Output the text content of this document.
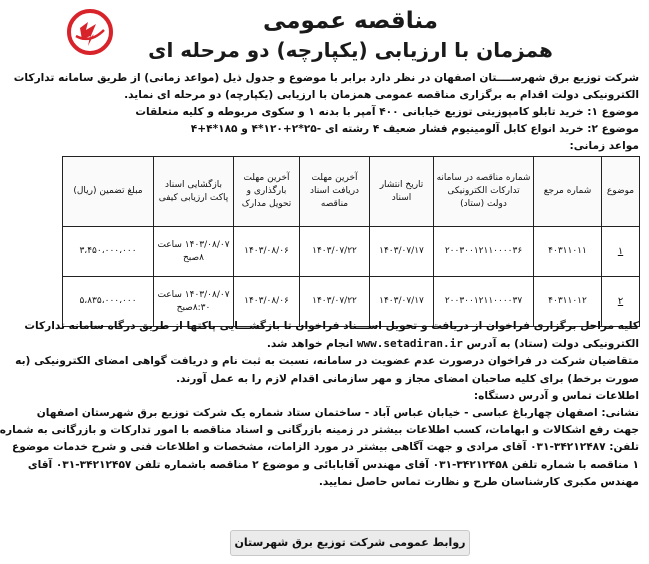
مناقصه عمومی
همزمان با ارزیابی (یکپارچه) دو مرحله ای

شرکت توزیع برق شهرســــتان اصفهان در نظر دارد برابر با موضوع و جدول ذیل (مواعد زمانی) از طریق سامانه تدارکات

الکترونیکی دولت اقدام به برگزاری مناقصه عمومی همزمان با ارزیابی (یکپارچه) دو مرحله ای نماید.

موضوع ۱: خرید تابلو کامپوزیتی توزیع خیابانی ۴۰۰ آمپر با بدنه ۱ و سکوی مربوطه و کلیه متعلقات

موضوع ۲: خرید انواع کابل آلومینیوم فشار ضعیف ۴ رشته ای -۲۵*۲+۱۲۰*۴ و ۱۸۵*۴+۴

مواعد زمانی:

موضوع	شماره مرجع	شماره مناقصه در سامانه تدارکات الکترونیکی دولت (ستاد)	تاریخ انتشار اسناد	آخرین مهلت دریافت اسناد مناقصه	آخرین مهلت بارگذاری و تحویل مدارک	بازگشایی اسناد پاکت ارزیابی کیفی	مبلغ تضمین (ریال)
۱	۴۰۳۱۱۰۱۱	۲۰۰۳۰۰۱۲۱۱۰۰۰۰۳۶	۱۴۰۳/۰۷/۱۷	۱۴۰۳/۰۷/۲۲	۱۴۰۳/۰۸/۰۶	۱۴۰۳/۰۸/۰۷ ساعت ۸صبح	۳،۴۵۰،۰۰۰،۰۰۰
۲	۴۰۳۱۱۰۱۲	۲۰۰۳۰۰۱۲۱۱۰۰۰۰۳۷	۱۴۰۳/۰۷/۱۷	۱۴۰۳/۰۷/۲۲	۱۴۰۳/۰۸/۰۶	۱۴۰۳/۰۸/۰۷ ساعت ۸:۳۰صبح	۵،۸۳۵،۰۰۰،۰۰۰

کلیه مراحل برگزاری فراخوان از دریافت و تحویل اســـناد فراخوان تا بازگشـــایی پاکتها از طریق درگاه سامانه تدارکات

الکترونیکی دولت (ستاد) به آدرس www.setadiran.ir انجام خواهد شد.

متقاضیان شرکت در فراخوان درصورت عدم عضویت در سامانه، نسبت به ثبت نام و دریافت گواهی امضای الکترونیکی (به

صورت برخط) برای کلیه صاحبان امضای مجاز و مهر سازمانی اقدام لازم را به عمل آورند.

اطلاعات تماس و آدرس دستگاه:

نشانی: اصفهان چهارباغ عباسی - خیابان عباس آباد - ساختمان ستاد شماره یک شرکت توزیع برق شهرستان اصفهان

جهت رفع اشکالات و ابهامات، کسب اطلاعات بیشتر در زمینه بازرگانی و اسناد مناقصه با امور تدارکات و بازرگانی به شماره

تلفن: ۳۴۲۱۲۴۸۷-۰۳۱ آقای مرادی و جهت آگاهی بیشتر در مورد الزامات، مشخصات و اطلاعات فنی و شرح خدمات موضوع

۱ مناقصه با شماره تلفن ۳۴۲۱۲۴۵۸-۰۳۱ آقای مهندس آقابابائی و موضوع ۲ مناقصه باشماره تلفن ۳۴۲۱۲۴۵۷-۰۳۱ آقای

مهندس مکبری کارشناسان طرح و نظارت تماس حاصل نمایید.

روابط عمومی شرکت توزیع برق شهرستان
